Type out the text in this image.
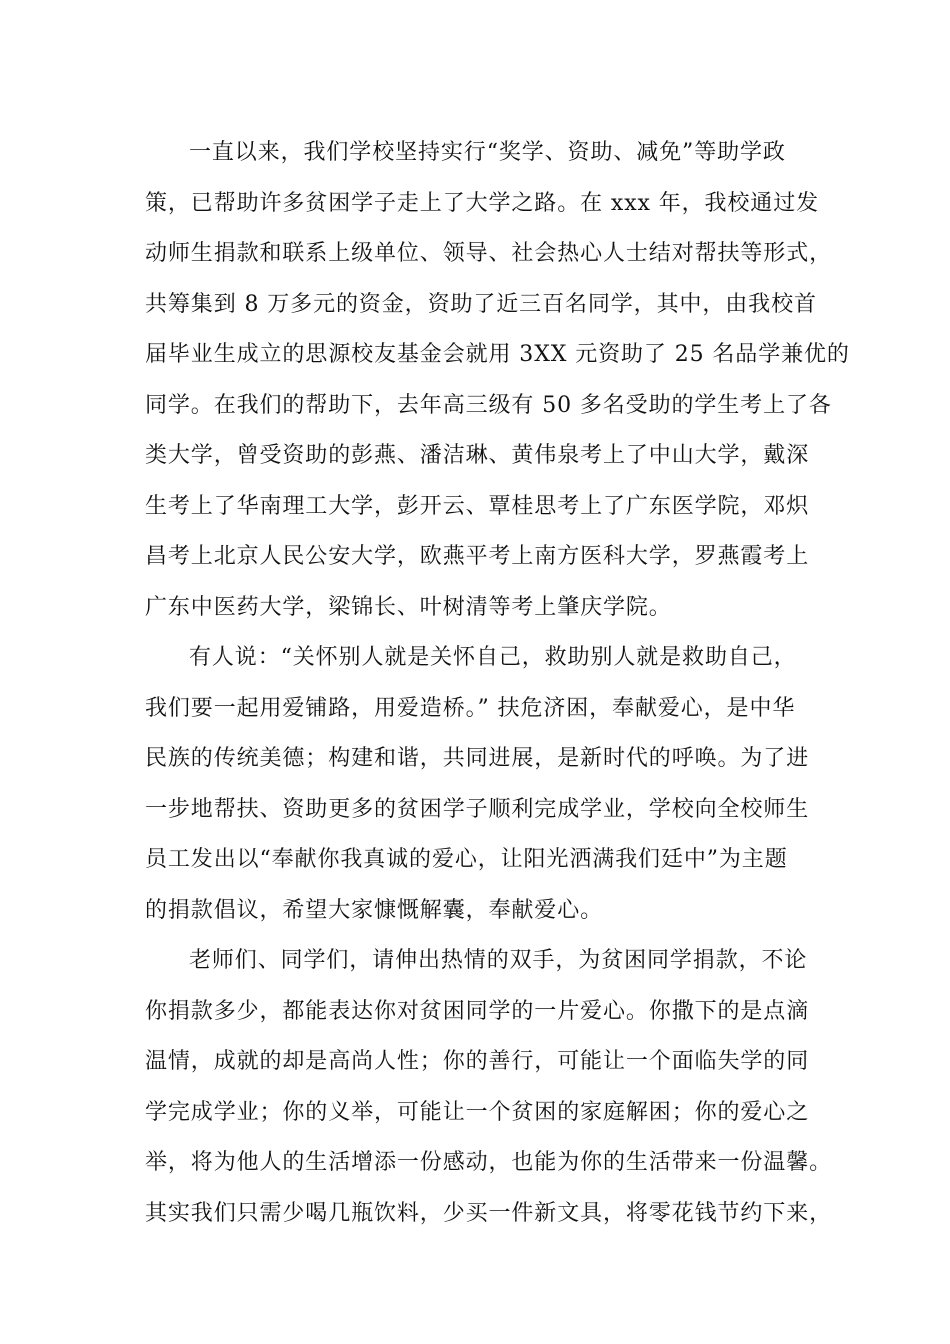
一直以来，我们学校坚持实行“奖学、资助、减免”等助学政
策，已帮助许多贫困学子走上了大学之路。在 xxx 年，我校通过发
动师生捐款和联系上级单位、领导、社会热心人士结对帮扶等形式，
共筹集到 8 万多元的资金，资助了近三百名同学，其中，由我校首
届毕业生成立的思源校友基金会就用 3XX 元资助了 25 名品学兼优的
同学。在我们的帮助下，去年高三级有 50 多名受助的学生考上了各
类大学，曾受资助的彭燕、潘洁琳、黄伟泉考上了中山大学，戴深
生考上了华南理工大学，彭开云、覃桂思考上了广东医学院，邓炽
昌考上北京人民公安大学，欧燕平考上南方医科大学，罗燕霞考上
广东中医药大学，梁锦长、叶树清等考上肇庆学院。
有人说：“关怀别人就是关怀自己，救助别人就是救助自己，
我们要一起用爱铺路，用爱造桥。” 扶危济困，奉献爱心，是中华
民族的传统美德；构建和谐，共同进展，是新时代的呼唤。为了进
一步地帮扶、资助更多的贫困学子顺利完成学业，学校向全校师生
员工发出以“奉献你我真诚的爱心，让阳光洒满我们廷中”为主题
的捐款倡议，希望大家慷慨解囊，奉献爱心。
老师们、同学们，请伸出热情的双手，为贫困同学捐款，不论
你捐款多少，都能表达你对贫困同学的一片爱心。你撒下的是点滴
温情，成就的却是高尚人性；你的善行，可能让一个面临失学的同
学完成学业；你的义举，可能让一个贫困的家庭解困；你的爱心之
举，将为他人的生活增添一份感动，也能为你的生活带来一份温馨。
其实我们只需少喝几瓶饮料，少买一件新文具，将零花钱节约下来，
